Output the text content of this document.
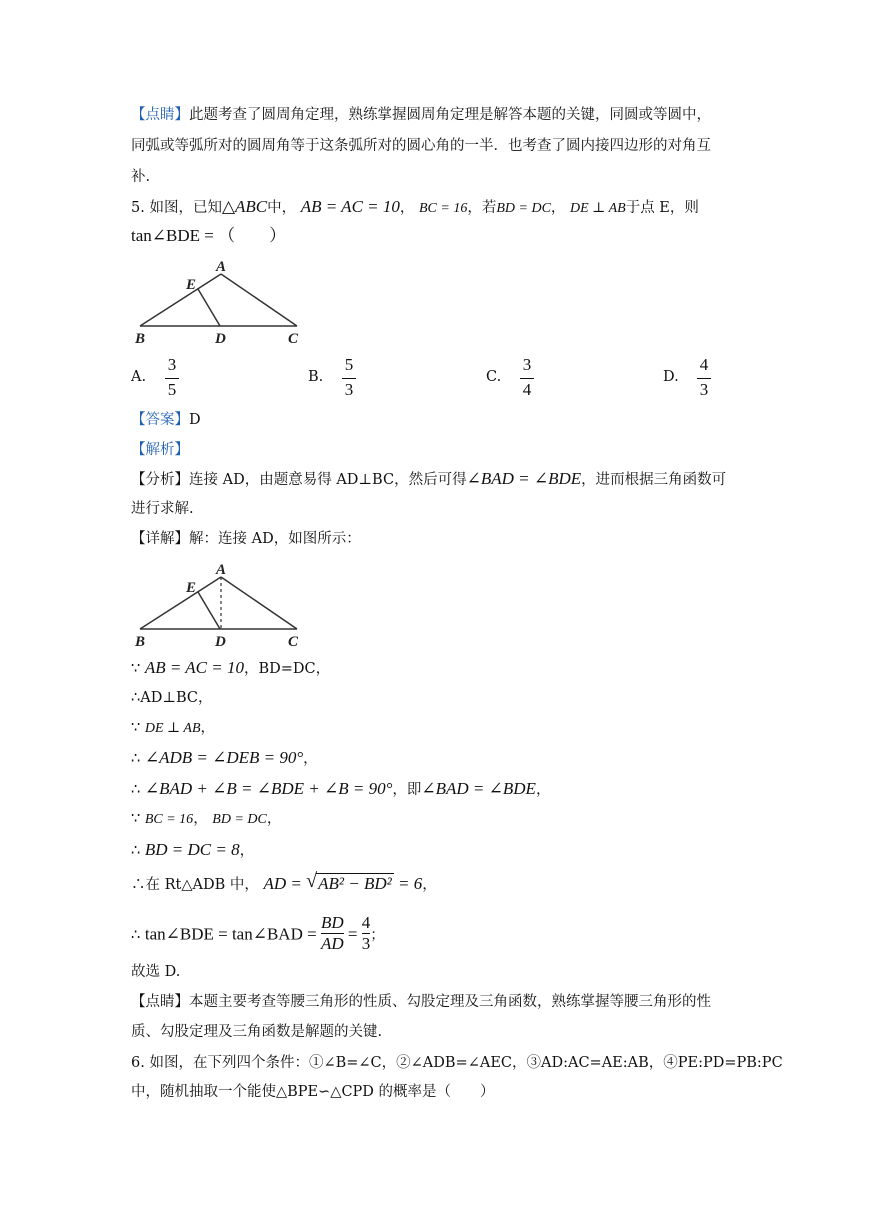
【点睛】此题考查了圆周角定理，熟练掌握圆周角定理是解答本题的关键，同圆或等圆中，
同弧或等弧所对的圆周角等于这条弧所对的圆心角的一半．也考查了圆内接四边形的对角互
补.
5. 如图，已知△ABC中， AB = AC = 10， BC = 16，若BD = DC， DE ⊥ AB于点 E，则
tan∠BDE = （　　）
A
E
B	D	C
A.
3
5
B.
5
3
C.
3
4
D.
4
3
【答案】D
【解析】
【分析】连接 AD，由题意易得 AD⊥BC，然后可得∠BAD = ∠BDE，进而根据三角函数可
进行求解.
【详解】解：连接 AD，如图所示：
A
E
B	D	C
∵ AB = AC = 10，BD=DC，
∴AD⊥BC，
∵ DE ⊥ AB，
∴ ∠ADB = ∠DEB = 90°，
∴ ∠BAD + ∠B = ∠BDE + ∠B = 90°，即∠BAD = ∠BDE，
∵ BC = 16， BD = DC，
∴ BD = DC = 8，
∴在 Rt△ADB 中， AD = √ AB² − BD² = 6，
∴ tan∠BDE = tan∠BAD = $\frac{BD}{AD} = \frac{4}{3}$ ；
故选 D.
【点睛】本题主要考查等腰三角形的性质、勾股定理及三角函数，熟练掌握等腰三角形的性
质、勾股定理及三角函数是解题的关键.
6. 如图，在下列四个条件：①∠B=∠C，②∠ADB=∠AEC，③AD:AC=AE:AB，④PE:PD=PB:PC
中，随机抽取一个能使△BPE∽△CPD 的概率是（　　）
